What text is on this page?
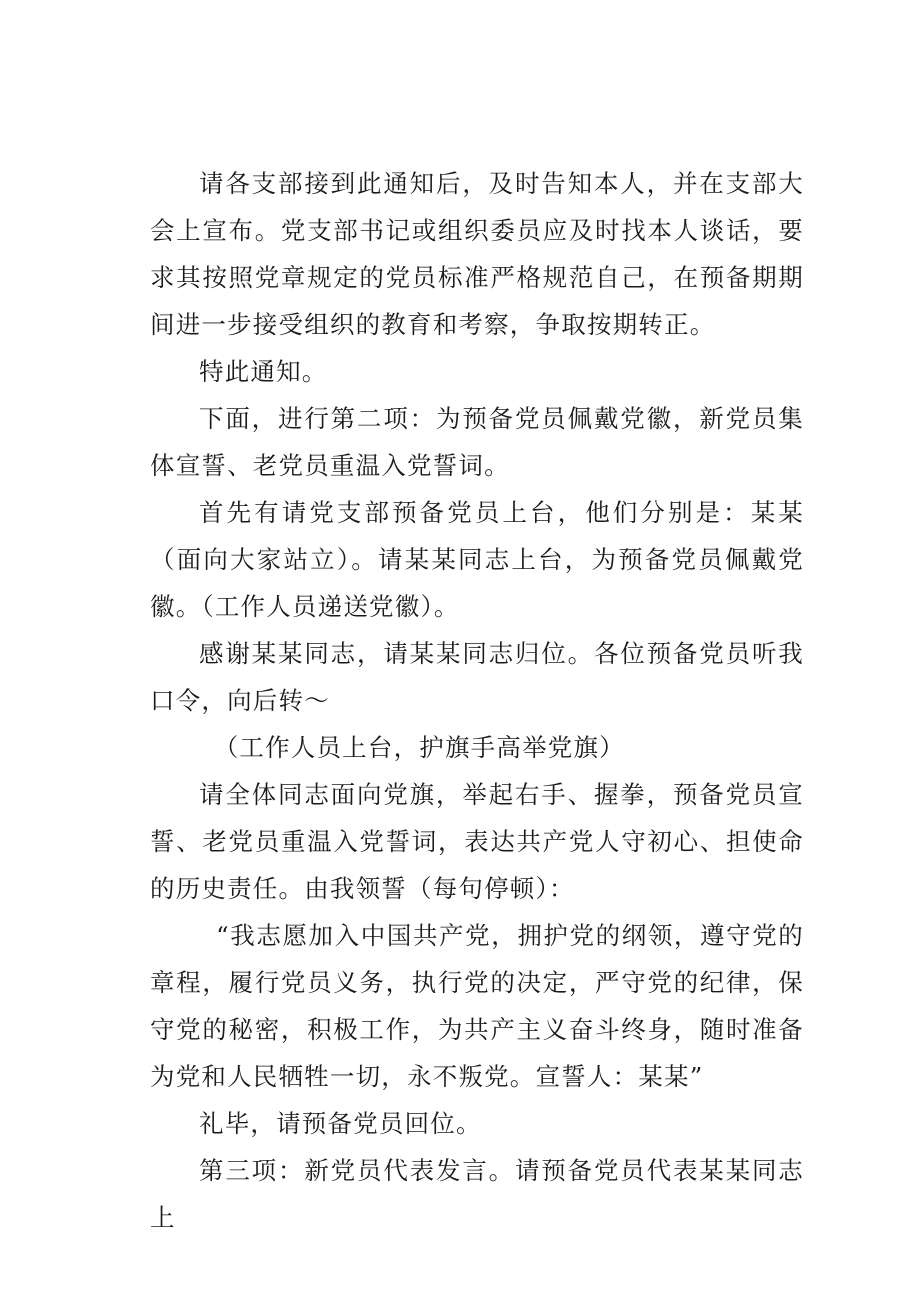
请各支部接到此通知后，及时告知本人，并在支部大会上宣布。党支部书记或组织委员应及时找本人谈话，要求其按照党章规定的党员标准严格规范自己，在预备期期间进一步接受组织的教育和考察，争取按期转正。

特此通知。

下面，进行第二项：为预备党员佩戴党徽，新党员集体宣誓、老党员重温入党誓词。

首先有请党支部预备党员上台，他们分别是：某某（面向大家站立）。请某某同志上台，为预备党员佩戴党徽。（工作人员递送党徽）。

感谢某某同志，请某某同志归位。各位预备党员听我口令，向后转～

（工作人员上台，护旗手高举党旗）

请全体同志面向党旗，举起右手、握拳，预备党员宣誓、老党员重温入党誓词，表达共产党人守初心、担使命的历史责任。由我领誓（每句停顿）：

“我志愿加入中国共产党，拥护党的纲领，遵守党的章程，履行党员义务，执行党的决定，严守党的纪律，保守党的秘密，积极工作，为共产主义奋斗终身，随时准备为党和人民牺牲一切，永不叛党。宣誓人：某某”

礼毕，请预备党员回位。

第三项：新党员代表发言。请预备党员代表某某同志上
